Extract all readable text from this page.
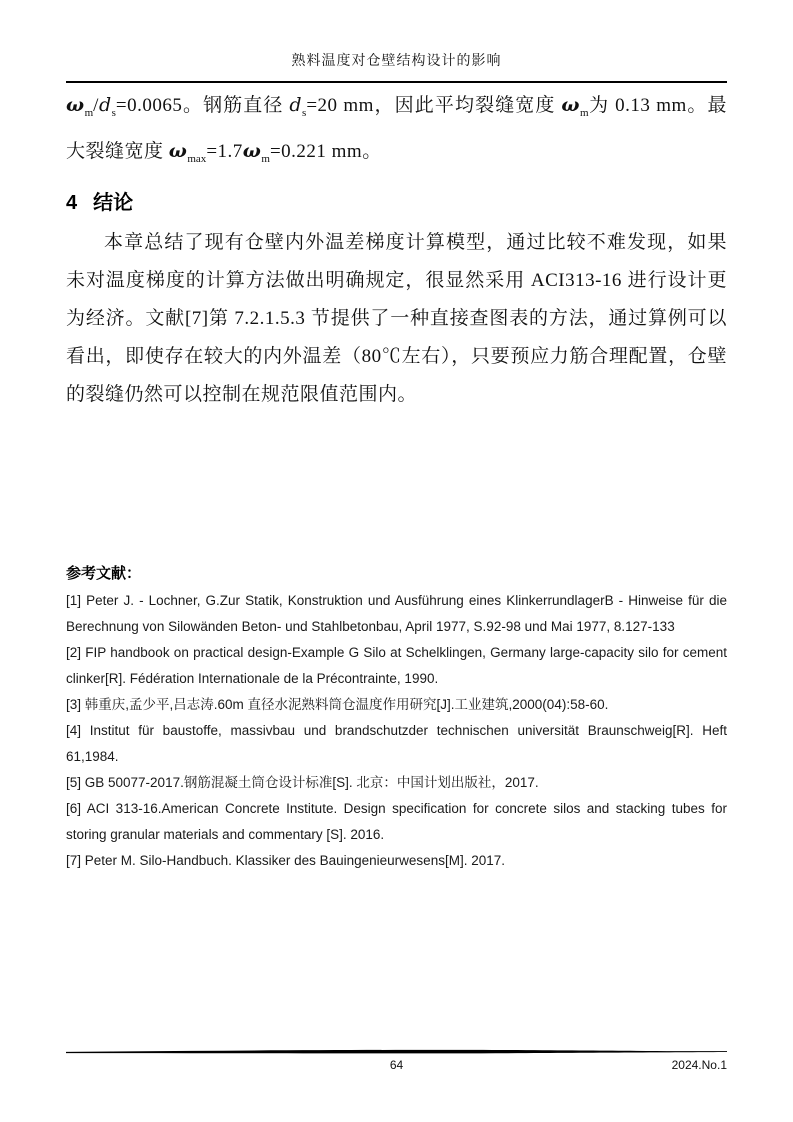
熟料温度对仓壁结构设计的影响
$\omega_m/d_s=0.0065$。钢筋直径 $d_s=20$ mm，因此平均裂缝宽度 $\omega_m$为 0.13 mm。最大裂缝宽度 $\omega_{max}=1.7\omega_m=0.221$ mm。
4 结论

本章总结了现有仓壁内外温差梯度计算模型，通过比较不难发现，如果未对温度梯度的计算方法做出明确规定，很显然采用 ACI313-16 进行设计更为经济。文献[7]第 7.2.1.5.3 节提供了一种直接查图表的方法，通过算例可以看出，即使存在较大的内外温差（80℃左右），只要预应力筋合理配置，仓壁的裂缝仍然可以控制在规范限值范围内。

参考文献：

[1] Peter J. - Lochner, G.Zur Statik, Konstruktion und Ausführung eines KlinkerrundlagerB - Hinweise für die Berechnung von Silowänden Beton- und Stahlbetonbau, April 1977, S.92-98 und Mai 1977, 8.127-133

[2] FIP handbook on practical design-Example G Silo at Schelklingen, Germany large-capacity silo for cement clinker[R]. Fédération Internationale de la Précontrainte, 1990.

[3] 韩重庆,孟少平,吕志涛.60m 直径水泥熟料筒仓温度作用研究[J].工业建筑,2000(04):58-60.

[4] Institut für baustoffe, massivbau und brandschutzder technischen universität Braunschweig[R]. Heft 61,1984.

[5] GB 50077-2017.钢筋混凝土筒仓设计标准[S]. 北京：中国计划出版社，2017.

[6] ACI 313-16.American Concrete Institute. Design specification for concrete silos and stacking tubes for storing granular materials and commentary [S]. 2016.

[7] Peter M. Silo-Handbuch. Klassiker des Bauingenieurwesens[M]. 2017.

64	2024.No.1
